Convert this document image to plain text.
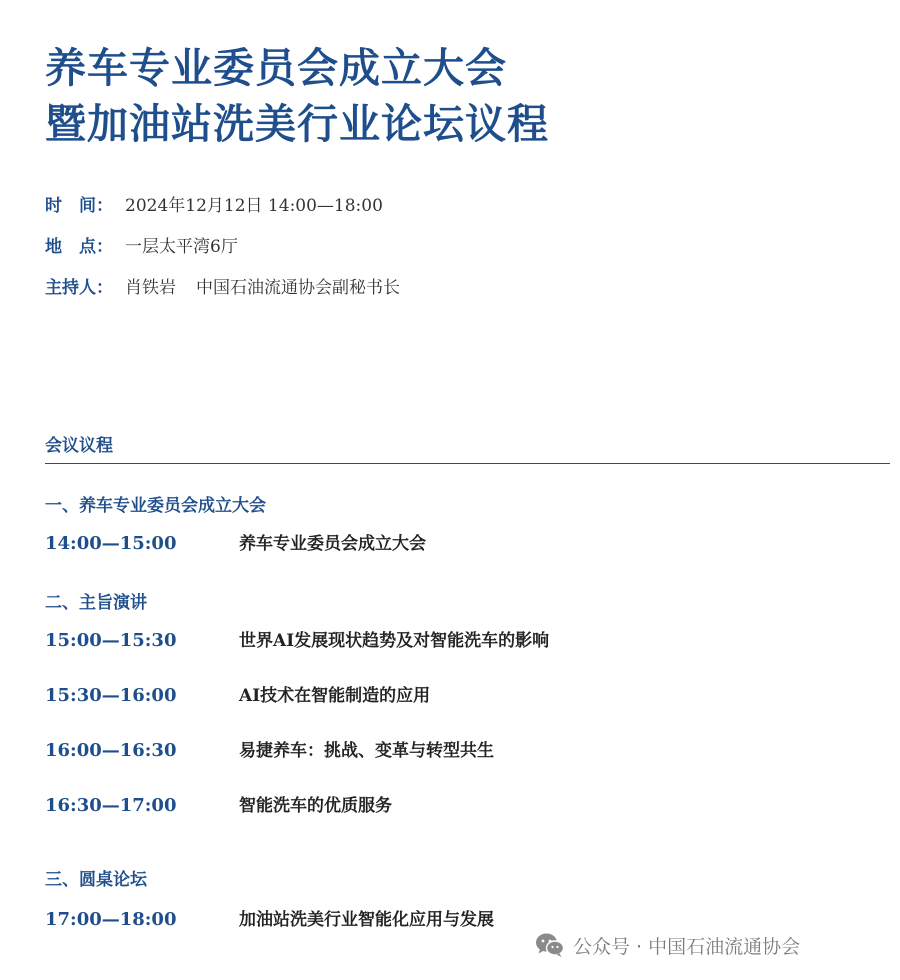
养车专业委员会成立大会
暨加油站洗美行业论坛议程
时　间： 2024年12月12日 14:00—18:00
地　点： 一层太平湾6厅
主持人： 肖铁岩 中国石油流通协会副秘书长
会议议程
一、养车专业委员会成立大会
14:00—15:00	养车专业委员会成立大会
二、主旨演讲
15:00—15:30	世界AI发展现状趋势及对智能洗车的影响
15:30—16:00	AI技术在智能制造的应用
16:00—16:30	易捷养车：挑战、变革与转型共生
16:30—17:00	智能洗车的优质服务
三、圆桌论坛
17:00—18:00	加油站洗美行业智能化应用与发展
公众号 · 中国石油流通协会
